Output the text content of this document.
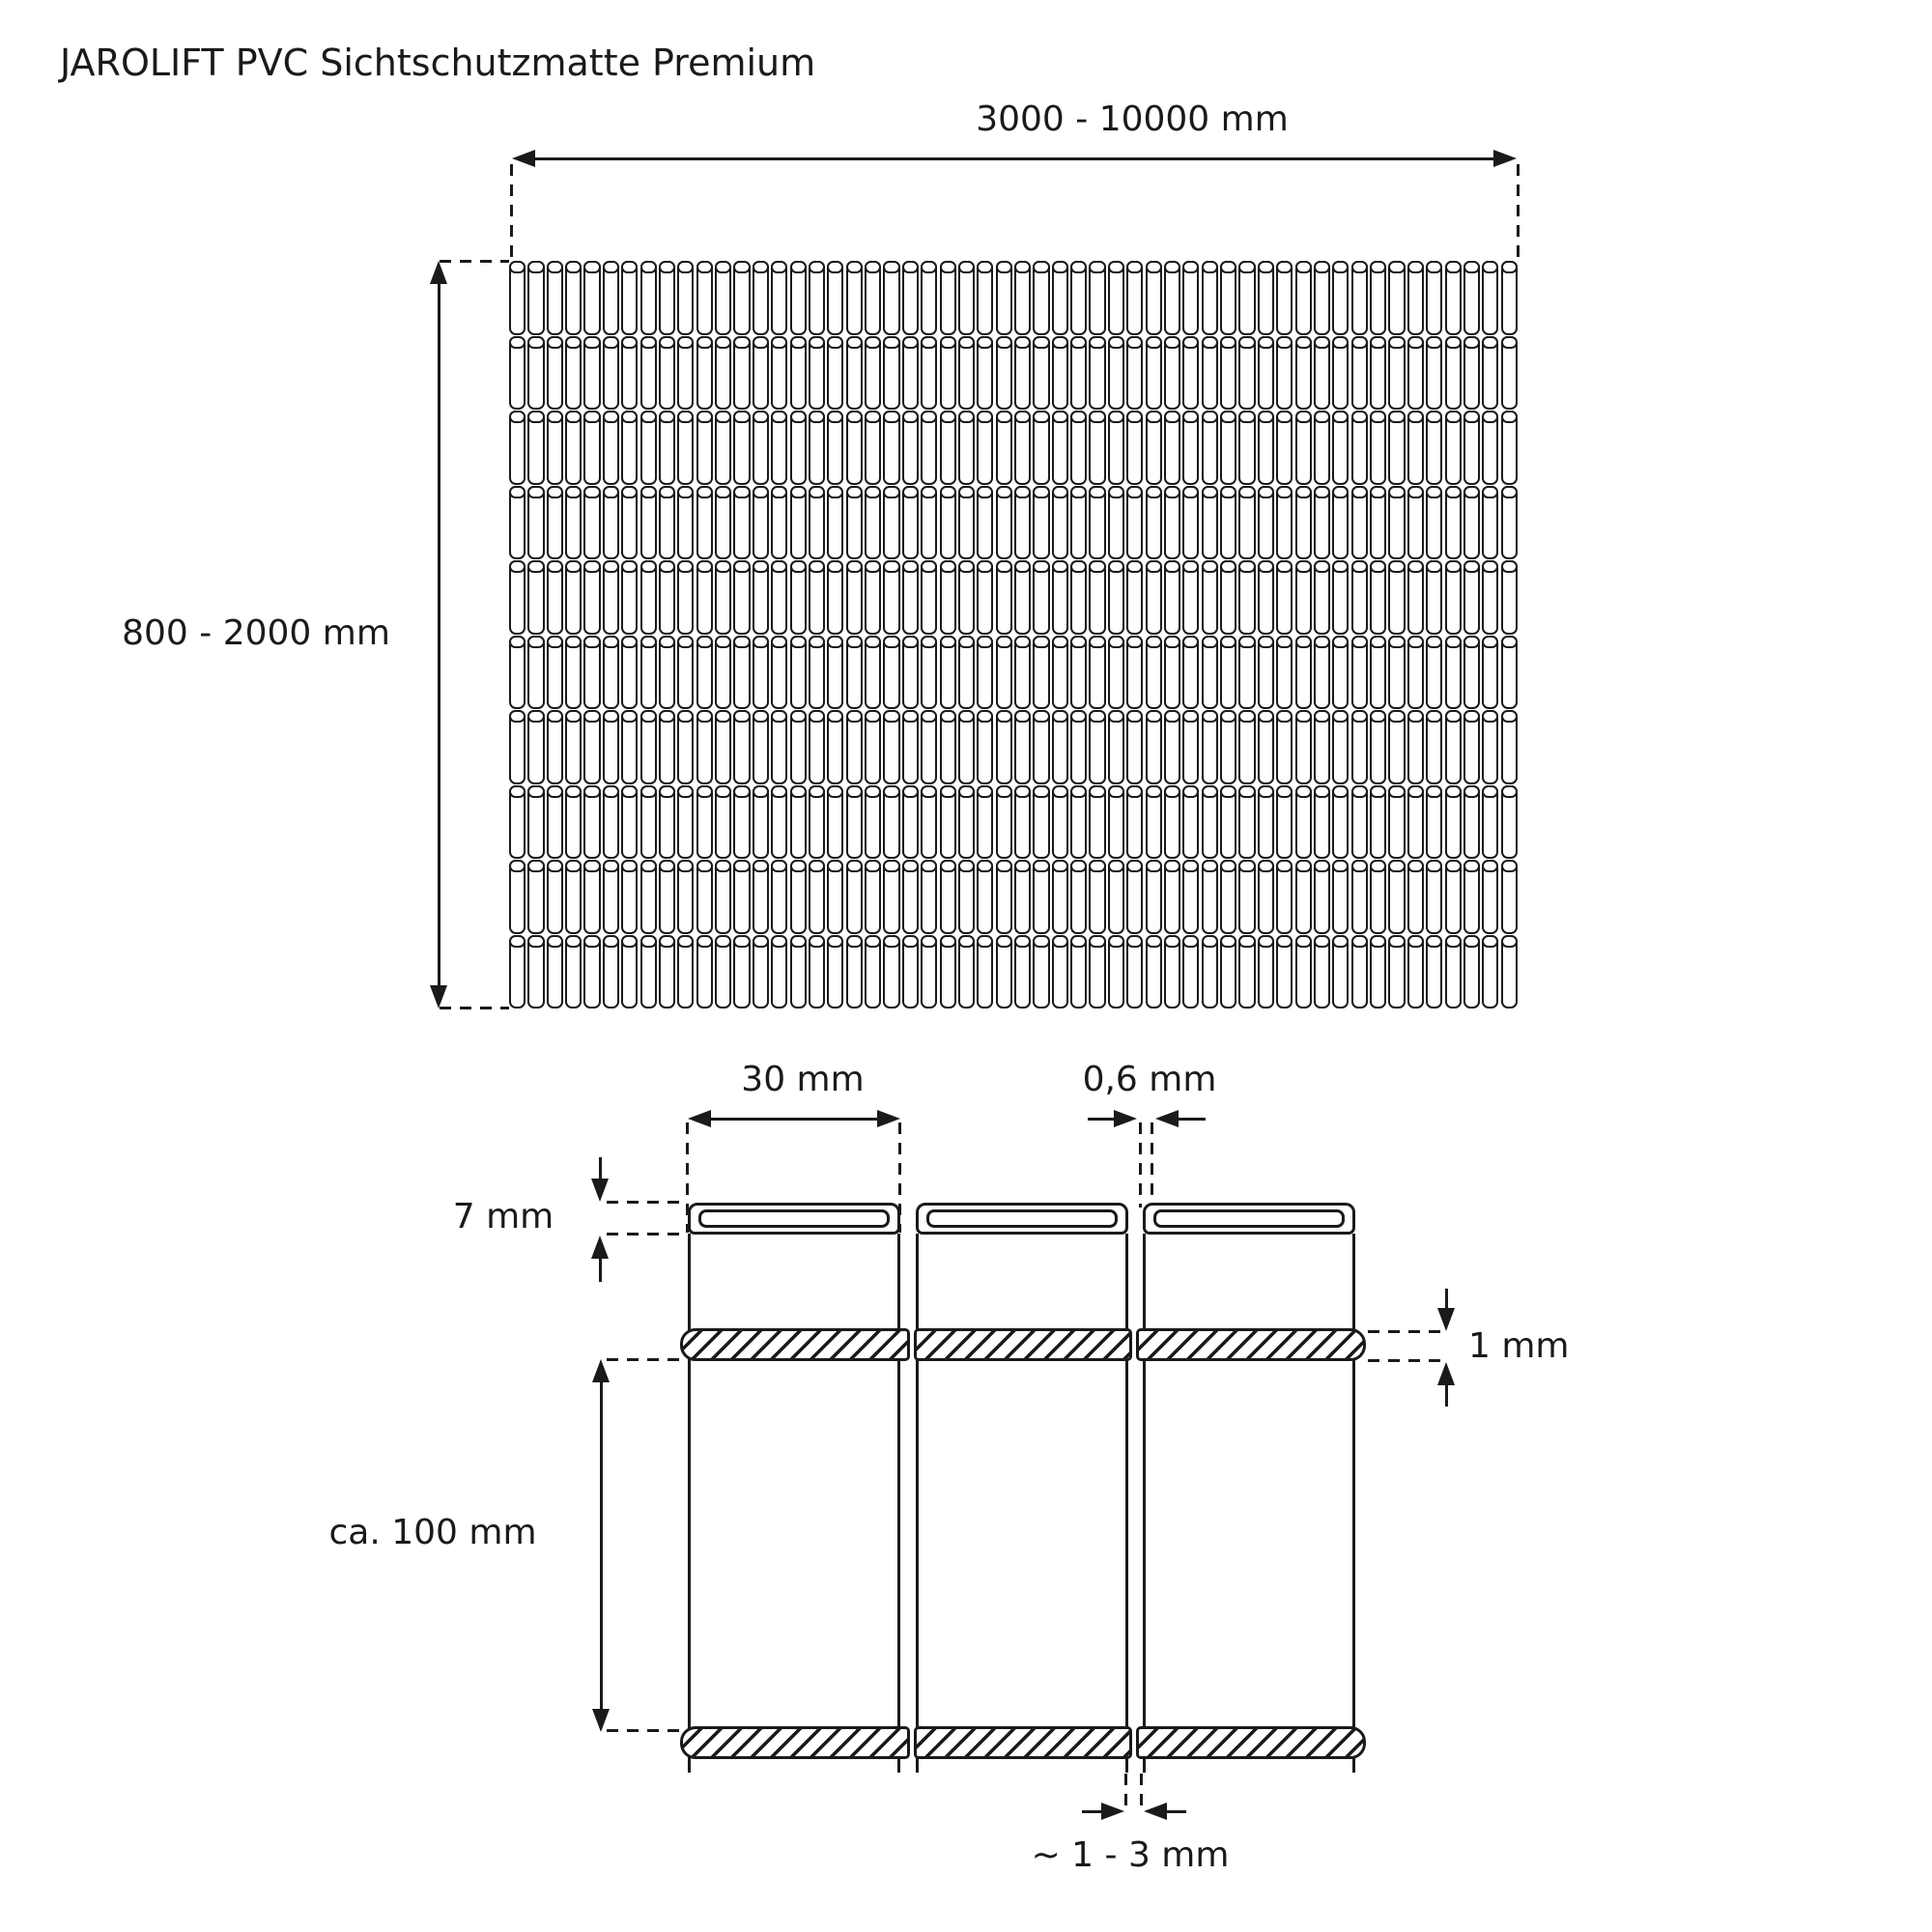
JAROLIFT PVC Sichtschutzmatte Premium
3000 - 10000 mm
800 - 2000 mm
30 mm	0,6 mm
7 mm
1 mm
ca. 100 mm
~ 1 - 3 mm
